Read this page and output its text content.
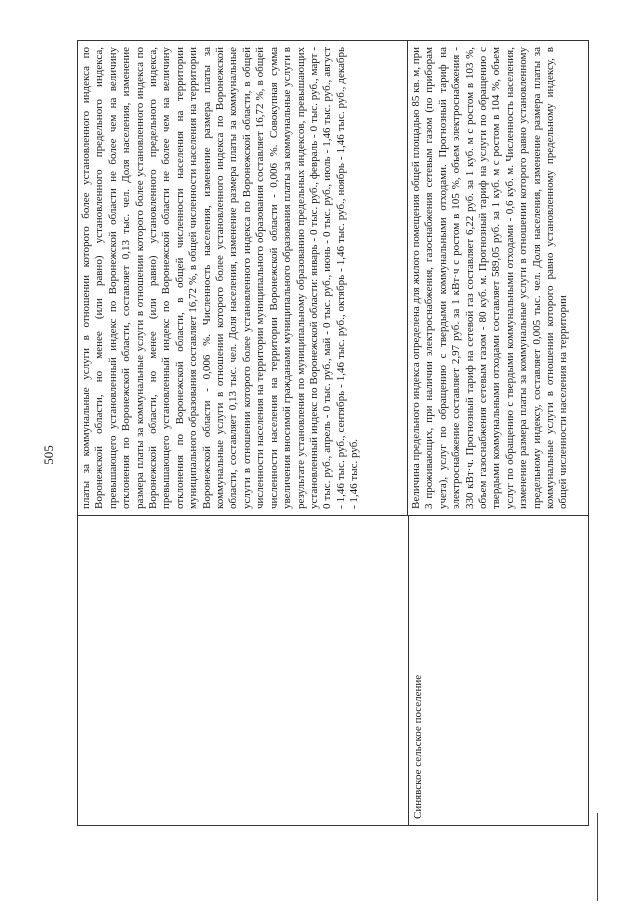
505
Синявское сельское поселение
платы за коммунальные услуги в отношении которого более установленного индекса по Воронежской области, но менее (или равно) установленного предельного индекса, превышающего установленный индекс по Воронежской области не более чем на величину отклонения по Воронежской области, составляет 0,13 тыс. чел. Доля населения, изменение размера платы за коммунальные услуги в отношении которого более установленного индекса по Воронежской области, но менее (или равно) установленного предельного индекса, превышающего установленный индекс по Воронежской области не более чем на величину отклонения по Воронежской области, в общей численности населения на территории муниципального образования составляет 16,72 %, в общей численности населения на территории Воронежской области - 0,006 %. Численность населения, изменение размера платы за коммунальные услуги в отношении которого более установленного индекса по Воронежской области, составляет 0,13 тыс. чел. Доля населения, изменение размера платы за коммунальные услуги в отношении которого более установленного индекса по Воронежской области, в общей численности населения на территории муниципального образования составляет 16,72 %, в общей численности населения на территории Воронежской области - 0,006 %. Совокупная сумма увеличения вносимой гражданами муниципального образования платы за коммунальные услуги в результате установления по муниципальному образованию предельных индексов, превышающих установленный индекс по Воронежской области: январь - 0 тыс. руб., февраль - 0 тыс. руб., март - 0 тыс. руб., апрель - 0 тыс. руб., май - 0 тыс. руб., июнь - 0 тыс. руб., июль - 1,46 тыс. руб., август - 1,46 тыс. руб., сентябрь - 1,46 тыс. руб., октябрь - 1,46 тыс. руб., ноябрь - 1,46 тыс. руб., декабрь - 1,46 тыс. руб.	Величина предельного индекса определена для жилого помещения общей площадью 85 кв. м, при 3 проживающих, при наличии электроснабжения, газоснабжения сетевым газом (по приборам учета), услуг по обращению с твердыми коммунальными отходами. Прогнозный тариф на электроснабжение составляет 2,97 руб. за 1 кВт·ч с ростом в 105 %, объем электроснабжения - 330 кВт·ч. Прогнозный тариф на сетевой газ составляет 6,22 руб. за 1 куб. м с ростом в 103 %, объем газоснабжения сетевым газом - 80 куб. м. Прогнозный тариф на услуги по обращению с твердыми коммунальными отходами составляет 589,05 руб. за 1 куб. м с ростом в 104 %, объем услуг по обращению с твердыми коммунальными отходами - 0,6 куб. м. Численность населения, изменение размера платы за коммунальные услуги в отношении которого равно установленному предельному индексу, составляет 0,005 тыс. чел. Доля населения, изменение размера платы за коммунальные услуги в отношении которого равно установленному предельному индексу, в общей численности населения на территории
